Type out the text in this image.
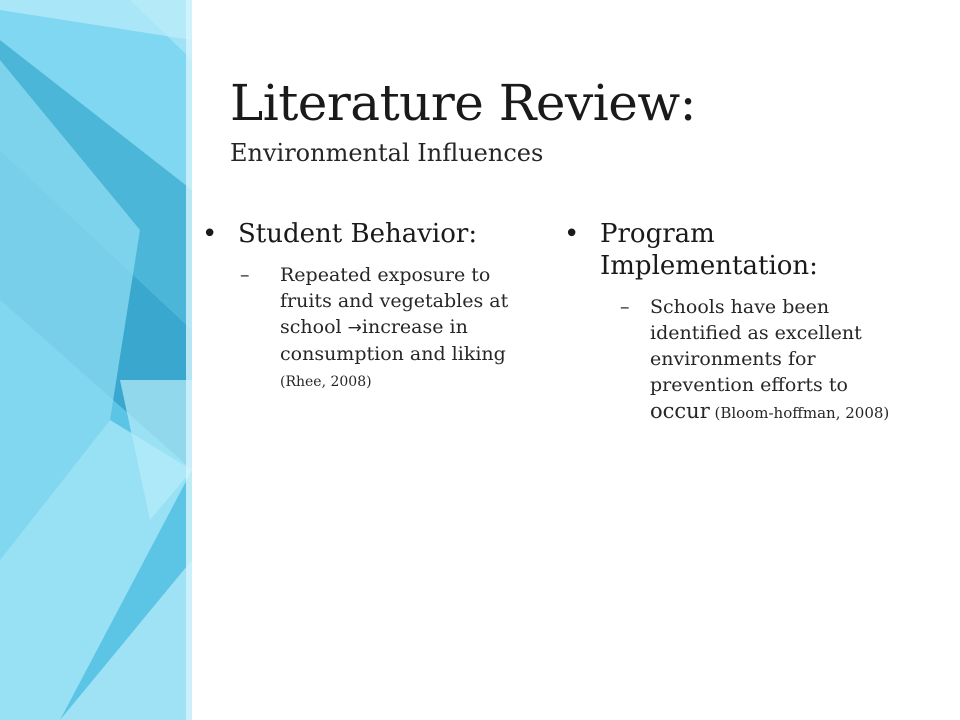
Literature Review:
Environmental Influences
• Student Behavior:
– Repeated exposure to fruits and vegetables at school →increase in consumption and liking (Rhee, 2008)
• Program Implementation:
– Schools have been identified as excellent environments for prevention efforts to occur (Bloom-hoffman, 2008)
